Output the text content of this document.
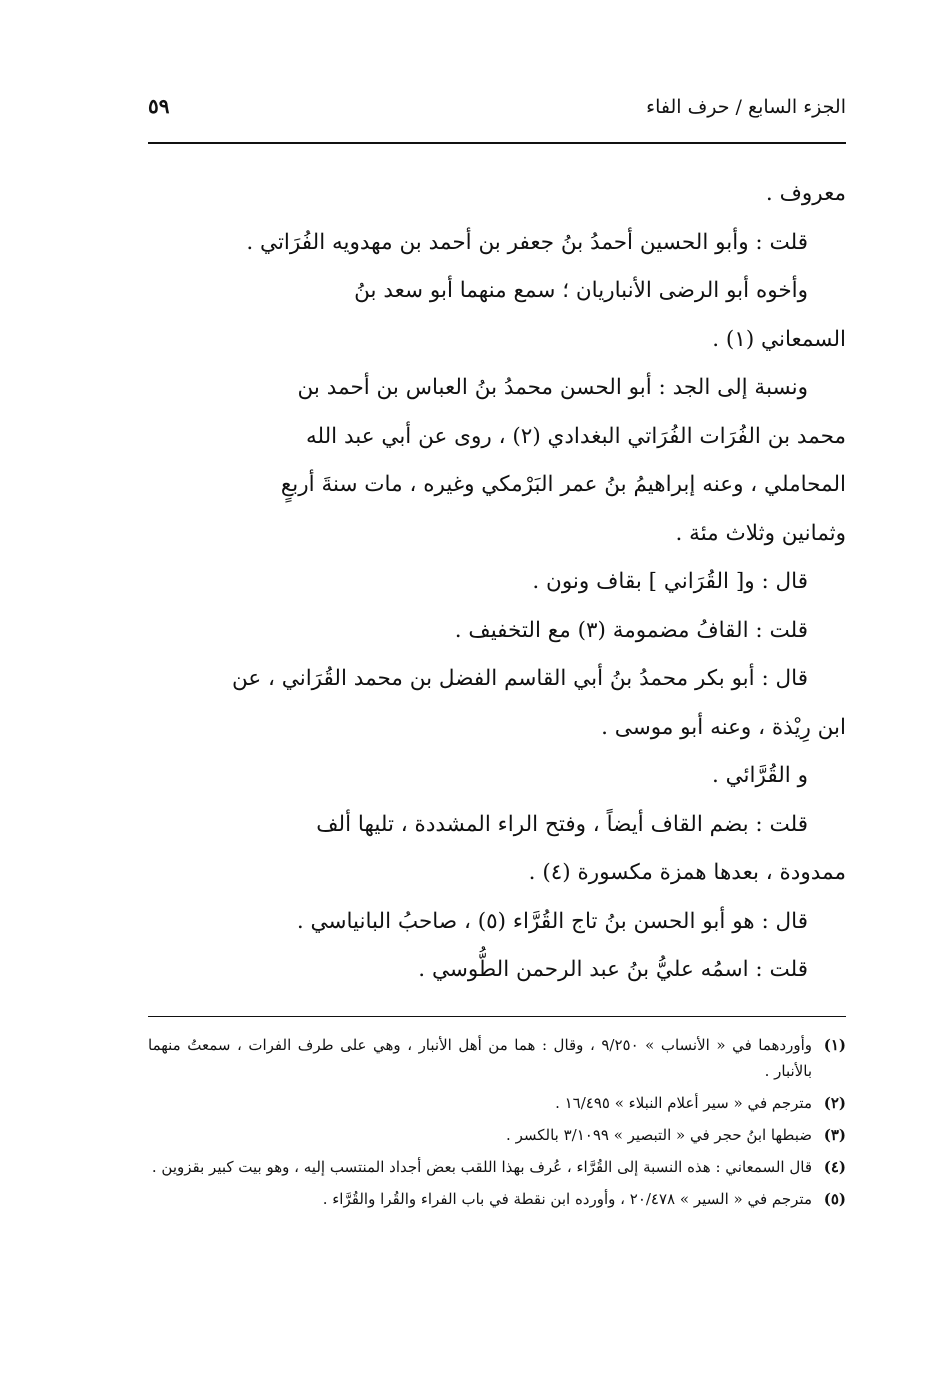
الجزء السابع / حرف الفاء
٥٩

معروف .

قلت : وأبو الحسين أحمدُ بنُ جعفر بن أحمد بن مهدويه الفُرَاتي .

وأخوه أبو الرضى الأنباريان ؛ سمع منهما أبو سعد بنُ

السمعاني (١) .

ونسبة إلى الجد : أبو الحسن محمدُ بنُ العباس بن أحمد بن

محمد بن الفُرَات الفُرَاتي البغدادي (٢) ، روى عن أبي عبد الله

المحاملي ، وعنه إبراهيمُ بنُ عمر البَرْمكي وغيره ، مات سنةَ أربعٍ

وثمانين وثلاث مئة .

قال : و[ القُرَاني ] بقاف ونون .

قلت : القافُ مضمومة (٣) مع التخفيف .

قال : أبو بكر محمدُ بنُ أبي القاسم الفضل بن محمد القُرَاني ، عن

ابن رِيْذة ، وعنه أبو موسى .

و القُرَّائي .

قلت : بضم القاف أيضاً ، وفتح الراء المشددة ، تليها ألف

ممدودة ، بعدها همزة مكسورة (٤) .

قال : هو أبو الحسن بنُ تاج القُرَّاء (٥) ، صاحبُ البانياسي .

قلت : اسمُه عليُّ بنُ عبد الرحمن الطُّوسي .

(١)
وأوردهما في « الأنساب » ٩/٢٥٠ ، وقال : هما من أهل الأنبار ، وهي على طرف الفرات ، سمعتُ منهما بالأنبار .
(٢)
مترجم في « سير أعلام النبلاء » ١٦/٤٩٥ .
(٣)
ضبطها ابنُ حجر في « التبصير » ٣/١٠٩٩ بالكسر .
(٤)
قال السمعاني : هذه النسبة إلى القُرَّاء ، عُرف بهذا اللقب بعض أجداد المنتسب إليه ، وهو بيت كبير بقزوين .
(٥)
مترجم في « السير » ٢٠/٤٧٨ ، وأورده ابن نقطة في باب الفراء والقُرا والقُرَّاء .
